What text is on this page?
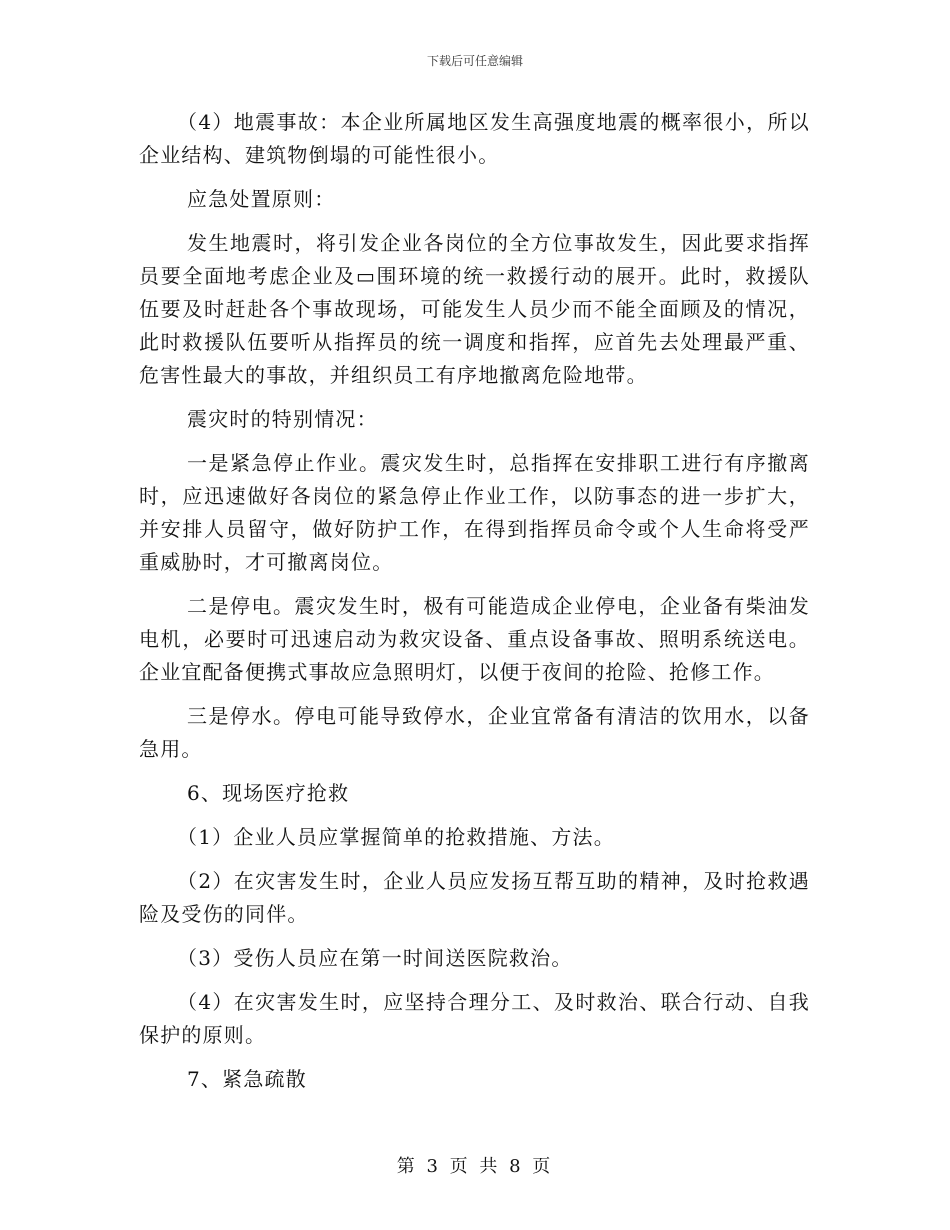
下载后可任意编辑

（4）地震事故：本企业所属地区发生高强度地震的概率很小，所以企业结构、建筑物倒塌的可能性很小。

应急处置原则：

发生地震时，将引发企业各岗位的全方位事故发生，因此要求指挥员要全面地考虑企业及▭围环境的统一救援行动的展开。此时，救援队伍要及时赶赴各个事故现场，可能发生人员少而不能全面顾及的情况，此时救援队伍要听从指挥员的统一调度和指挥，应首先去处理最严重、危害性最大的事故，并组织员工有序地撤离危险地带。

震灾时的特别情况：

一是紧急停止作业。震灾发生时，总指挥在安排职工进行有序撤离时，应迅速做好各岗位的紧急停止作业工作，以防事态的进一步扩大，并安排人员留守，做好防护工作，在得到指挥员命令或个人生命将受严重威胁时，才可撤离岗位。

二是停电。震灾发生时，极有可能造成企业停电，企业备有柴油发电机，必要时可迅速启动为救灾设备、重点设备事故、照明系统送电。企业宜配备便携式事故应急照明灯，以便于夜间的抢险、抢修工作。

三是停水。停电可能导致停水，企业宜常备有清洁的饮用水，以备急用。

6、现场医疗抢救

（1）企业人员应掌握简单的抢救措施、方法。

（2）在灾害发生时，企业人员应发扬互帮互助的精神，及时抢救遇险及受伤的同伴。

（3）受伤人员应在第一时间送医院救治。

（4）在灾害发生时，应坚持合理分工、及时救治、联合行动、自我保护的原则。

7、紧急疏散

第 3 页 共 8 页
